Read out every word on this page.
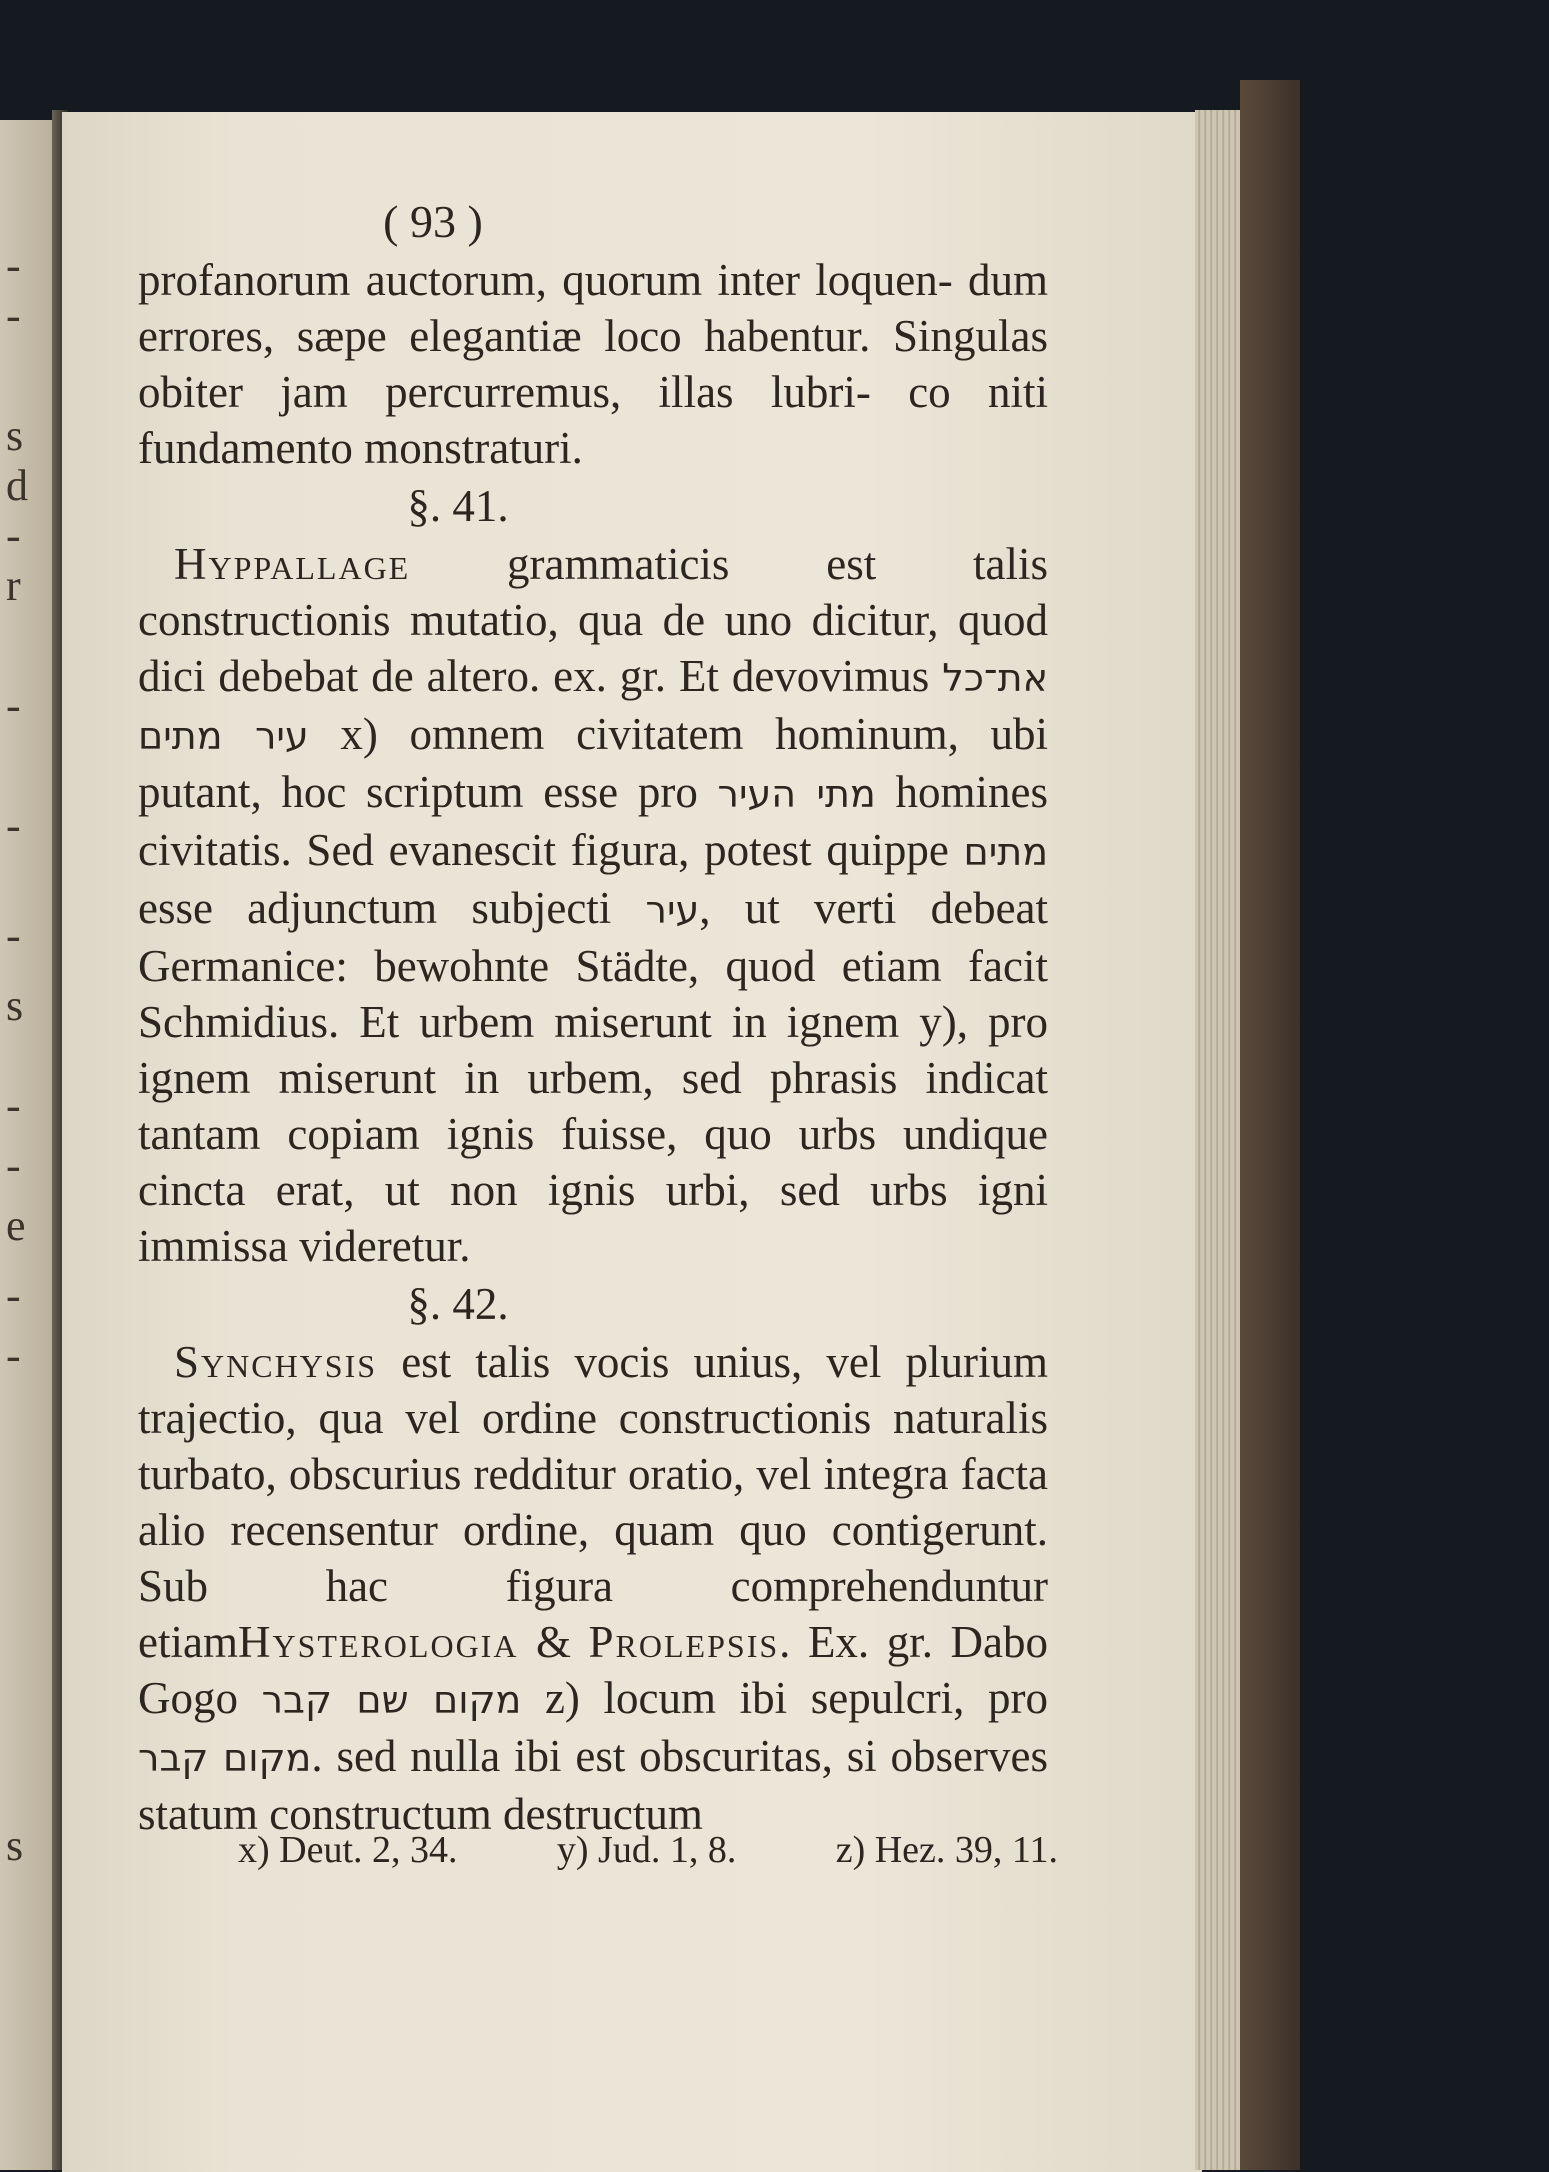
-
-
s
d
-
r
-
-
-
s
-
-
e
-
-
s
( 93 )

profanorum auctorum, quorum inter loquen- dum errores, sæpe elegantiæ loco habentur. Singulas obiter jam percurremus, illas lubri- co niti fundamento monstraturi.

§. 41.

Hyppallage grammaticis est talis constructionis mutatio, qua de uno dicitur, quod dici debebat de altero. ex. gr. Et devovimus את־כל עיר מתים x) omnem civitatem hominum, ubi putant, hoc scriptum esse pro מתי העיר homines civitatis. Sed evanescit figura, potest quippe מתים esse adjunctum subjecti עיר, ut verti debeat Germanice: bewohnte Städte, quod etiam facit Schmidius. Et urbem miserunt in ignem y), pro ignem miserunt in urbem, sed phrasis indicat tantam copiam ignis fuisse, quo urbs undique cincta erat, ut non ignis urbi, sed urbs igni immissa videretur.

§. 42.

Synchysis est talis vocis unius, vel plurium trajectio, qua vel ordine constructionis naturalis turbato, obscurius redditur oratio, vel integra facta alio recensentur ordine, quam quo contigerunt. Sub hac figura comprehenduntur etiamHysterologia & Prolepsis. Ex. gr. Dabo Gogo מקום שם קבר z) locum ibi sepulcri, pro מקום קבר. sed nulla ibi est obscuritas, si observes statum constructum destructum

x) Deut. 2, 34.	y) Jud. 1, 8.	z) Hez. 39, 11.
